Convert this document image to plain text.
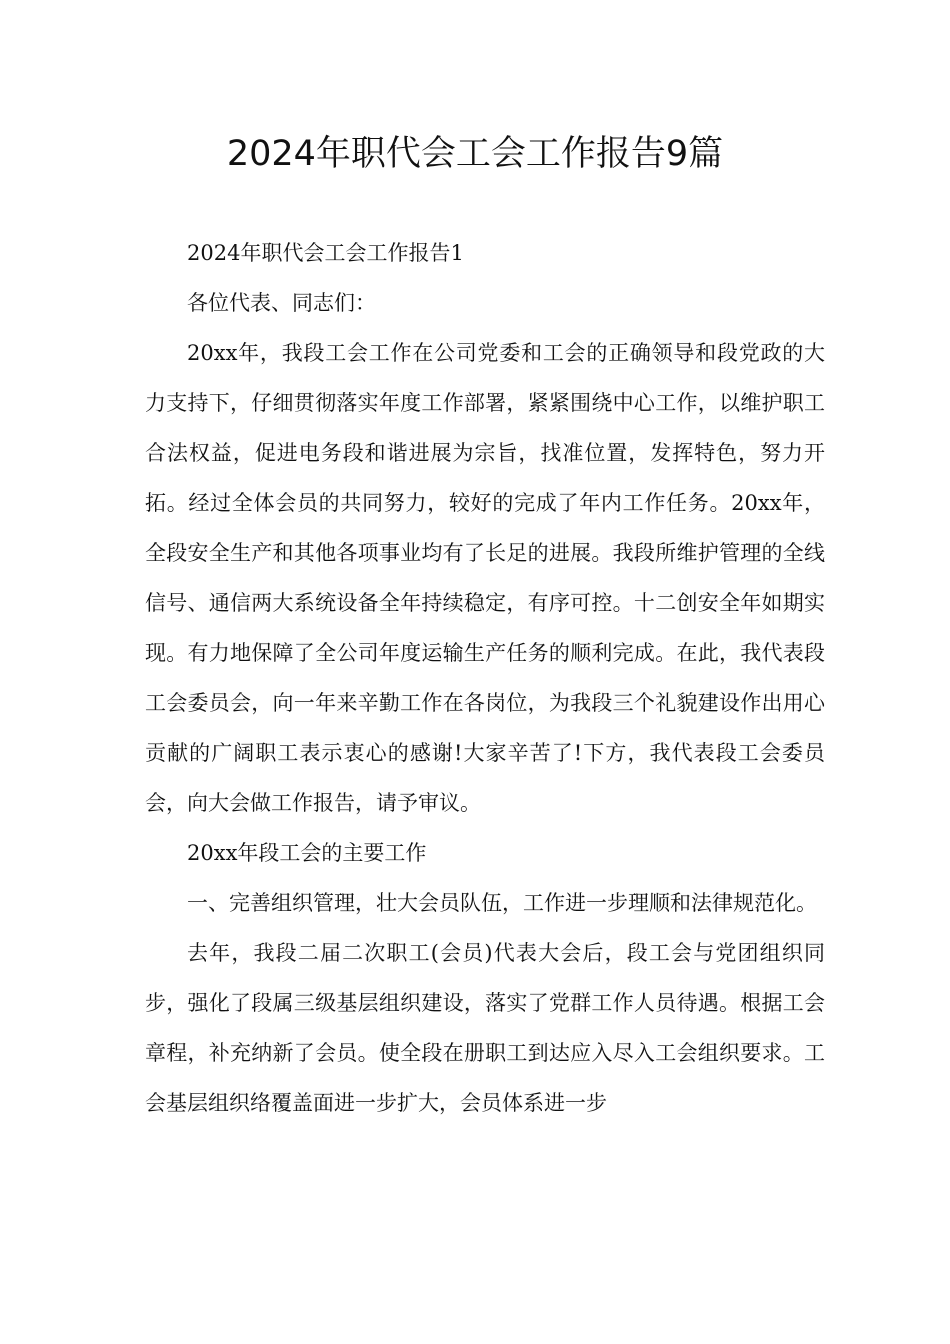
2024年职代会工会工作报告9篇

2024年职代会工会工作报告1

各位代表、同志们：

20xx年，我段工会工作在公司党委和工会的正确领导和段党政的大力支持下，仔细贯彻落实年度工作部署，紧紧围绕中心工作，以维护职工合法权益，促进电务段和谐进展为宗旨，找准位置，发挥特色，努力开拓。经过全体会员的共同努力，较好的完成了年内工作任务。20xx年，全段安全生产和其他各项事业均有了长足的进展。我段所维护管理的全线信号、通信两大系统设备全年持续稳定，有序可控。十二创安全年如期实现。有力地保障了全公司年度运输生产任务的顺利完成。在此，我代表段工会委员会，向一年来辛勤工作在各岗位，为我段三个礼貌建设作出用心贡献的广阔职工表示衷心的感谢!大家辛苦了!下方，我代表段工会委员会，向大会做工作报告，请予审议。

20xx年段工会的主要工作

一、完善组织管理，壮大会员队伍，工作进一步理顺和法律规范化。

去年，我段二届二次职工(会员)代表大会后，段工会与党团组织同步，强化了段属三级基层组织建设，落实了党群工作人员待遇。根据工会章程，补充纳新了会员。使全段在册职工到达应入尽入工会组织要求。工会基层组织络覆盖面进一步扩大，会员体系进一步
